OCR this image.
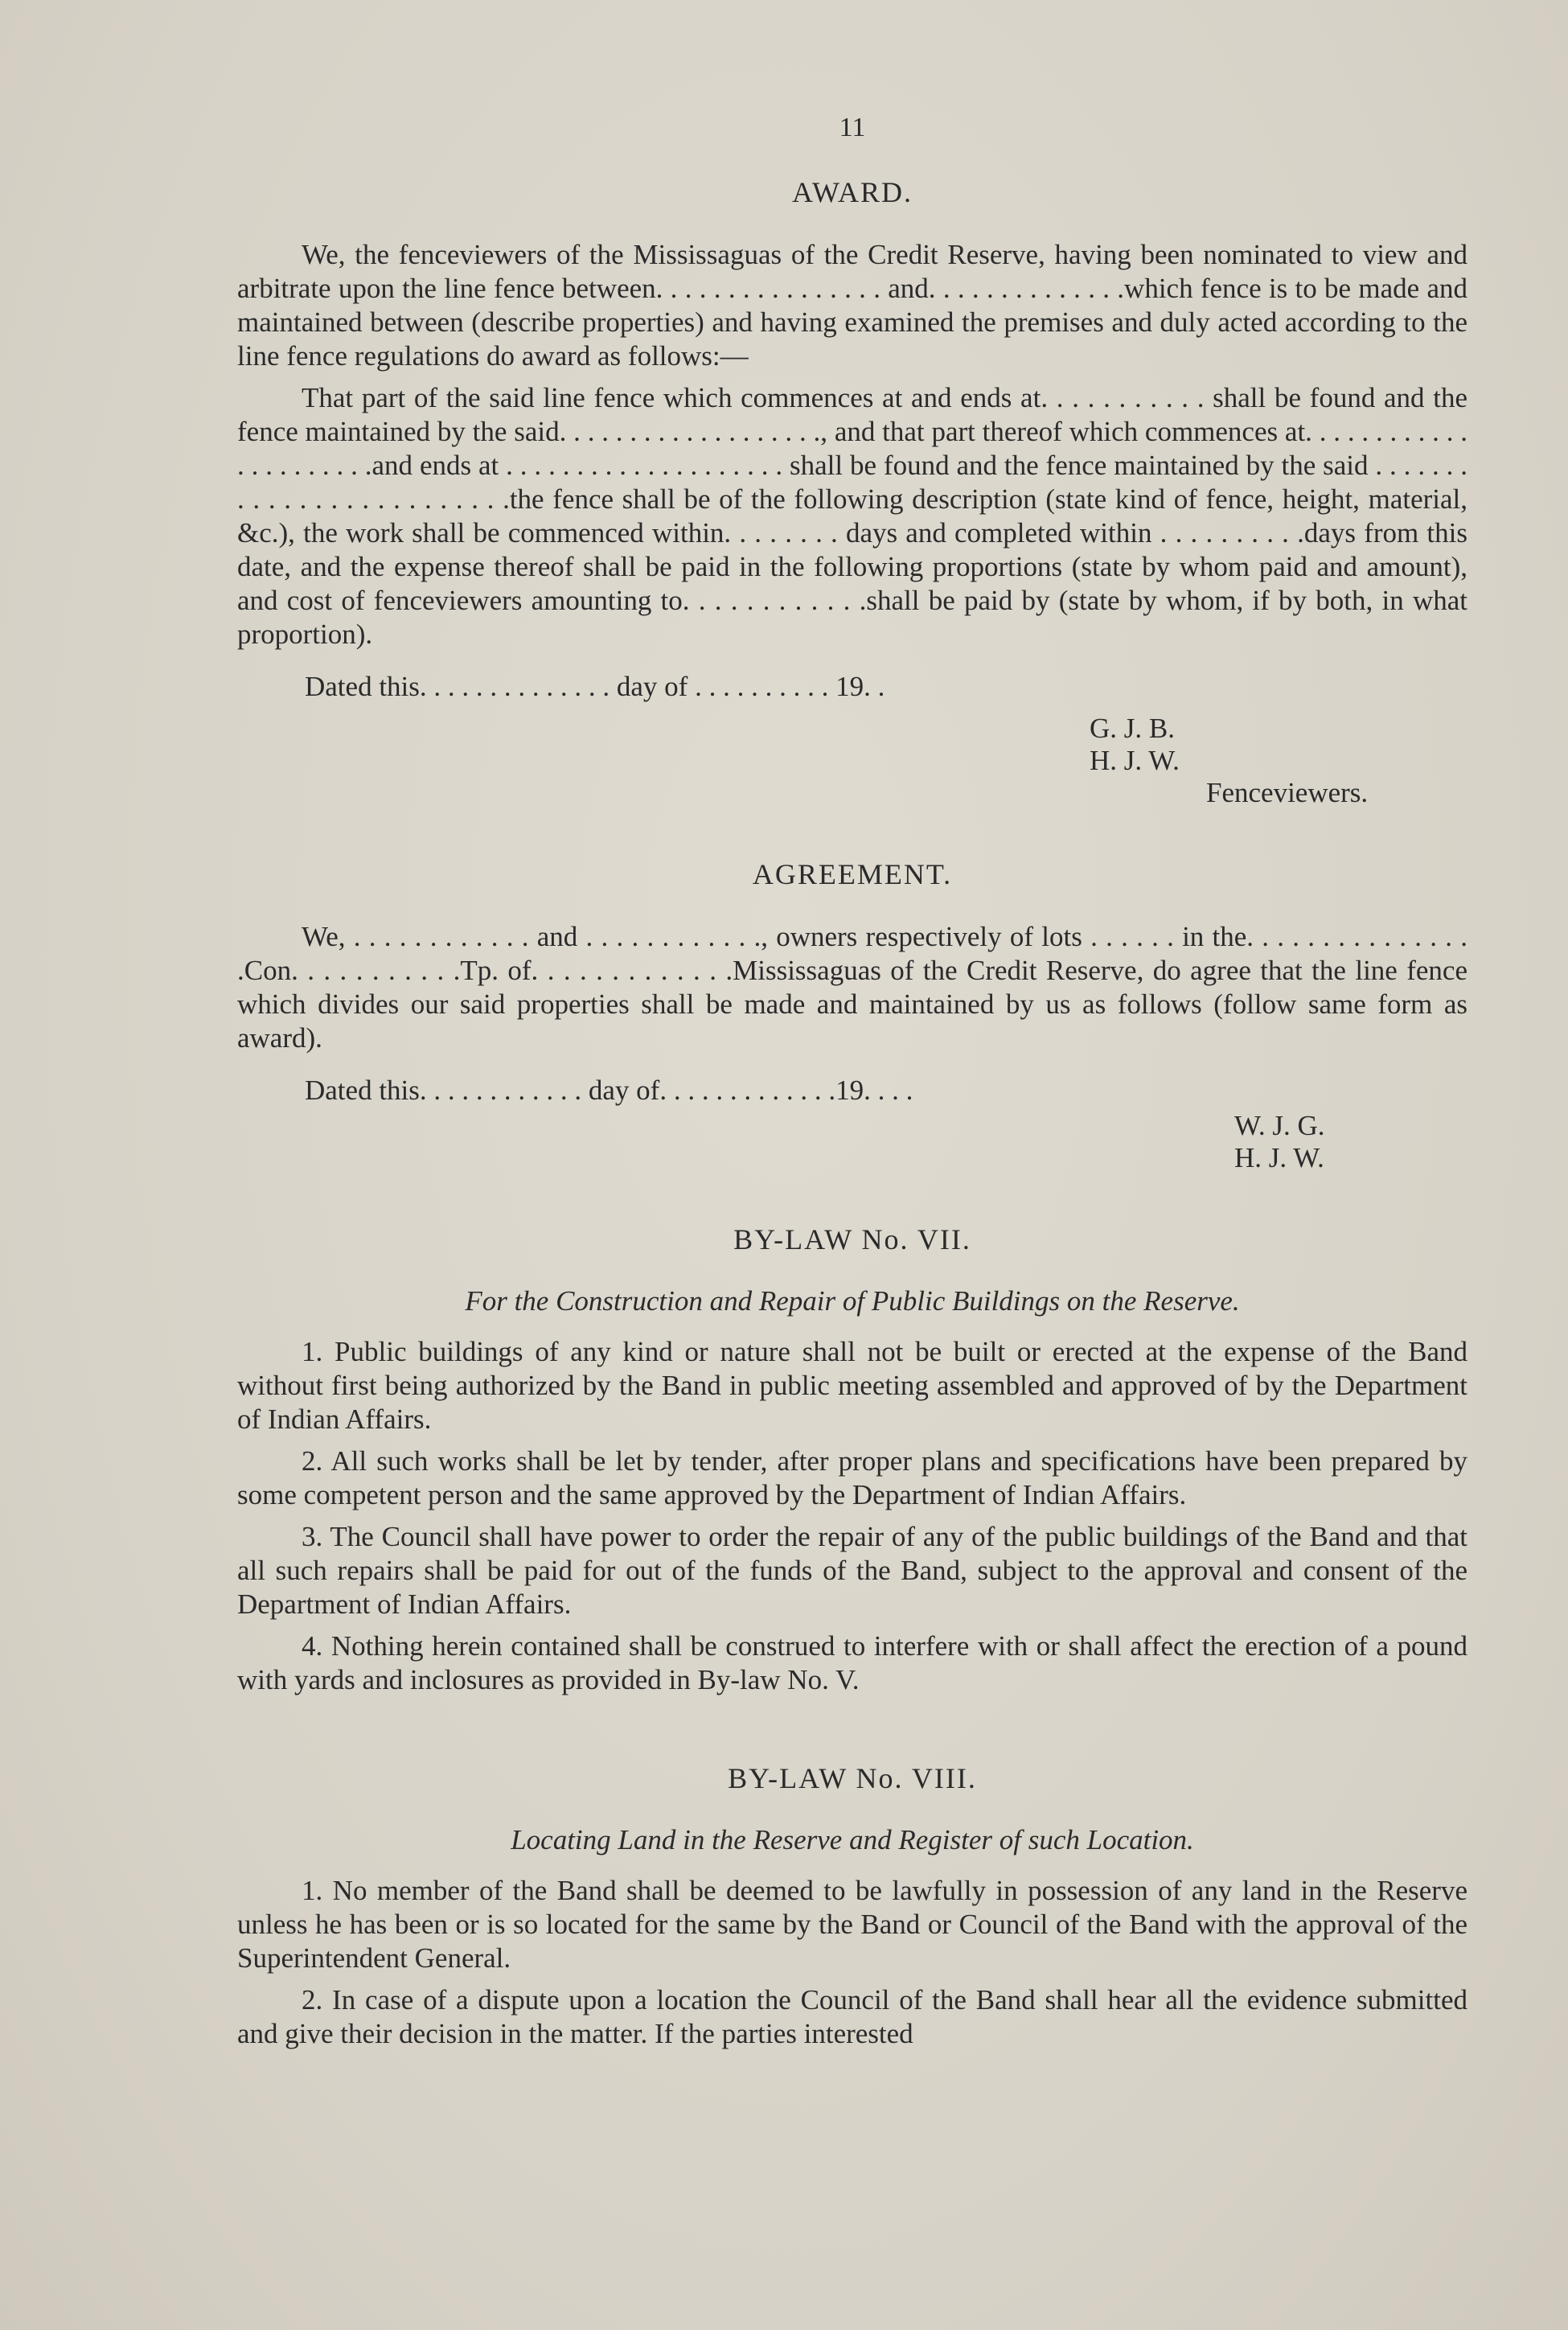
11
AWARD.

We, the fenceviewers of the Mississaguas of the Credit Reserve, having been nominated to view and arbitrate upon the line fence between. . . . . . . . . . . . . . . . and. . . . . . . . . . . . . .which fence is to be made and maintained between (describe properties) and having examined the premises and duly acted according to the line fence regulations do award as follows:—

That part of the said line fence which commences at and ends at. . . . . . . . . . . shall be found and the fence maintained by the said. . . . . . . . . . . . . . . . . . ., and that part thereof which commences at. . . . . . . . . . . . . . . . . . . . . .and ends at . . . . . . . . . . . . . . . . . . . . shall be found and the fence maintained by the said . . . . . . . . . . . . . . . . . . . . . . . . .the fence shall be of the following description (state kind of fence, height, material, &c.), the work shall be commenced within. . . . . . . . days and completed within . . . . . . . . . .days from this date, and the expense thereof shall be paid in the following proportions (state by whom paid and amount), and cost of fenceviewers amounting to. . . . . . . . . . . .shall be paid by (state by whom, if by both, in what proportion).

Dated this. . . . . . . . . . . . . . day of . . . . . . . . . . 19. .
G. J. B.
H. J. W.
Fenceviewers.
AGREEMENT.

We, . . . . . . . . . . . . and . . . . . . . . . . . ., owners respectively of lots . . . . . . in the. . . . . . . . . . . . . . . .Con. . . . . . . . . . .Tp. of. . . . . . . . . . . . .Mississaguas of the Credit Reserve, do agree that the line fence which divides our said properties shall be made and maintained by us as follows (follow same form as award).

Dated this. . . . . . . . . . . . day of. . . . . . . . . . . . .19. . . .
W. J. G.
H. J. W.
BY-LAW No. VII.
For the Construction and Repair of Public Buildings on the Reserve.

1. Public buildings of any kind or nature shall not be built or erected at the expense of the Band without first being authorized by the Band in public meeting assembled and approved of by the Department of Indian Affairs.

2. All such works shall be let by tender, after proper plans and specifications have been prepared by some competent person and the same approved by the Department of Indian Affairs.

3. The Council shall have power to order the repair of any of the public buildings of the Band and that all such repairs shall be paid for out of the funds of the Band, subject to the approval and consent of the Department of Indian Affairs.

4. Nothing herein contained shall be construed to interfere with or shall affect the erection of a pound with yards and inclosures as provided in By-law No. V.

BY-LAW No. VIII.
Locating Land in the Reserve and Register of such Location.

1. No member of the Band shall be deemed to be lawfully in possession of any land in the Reserve unless he has been or is so located for the same by the Band or Council of the Band with the approval of the Superintendent General.

2. In case of a dispute upon a location the Council of the Band shall hear all the evidence submitted and give their decision in the matter. If the parties interested
